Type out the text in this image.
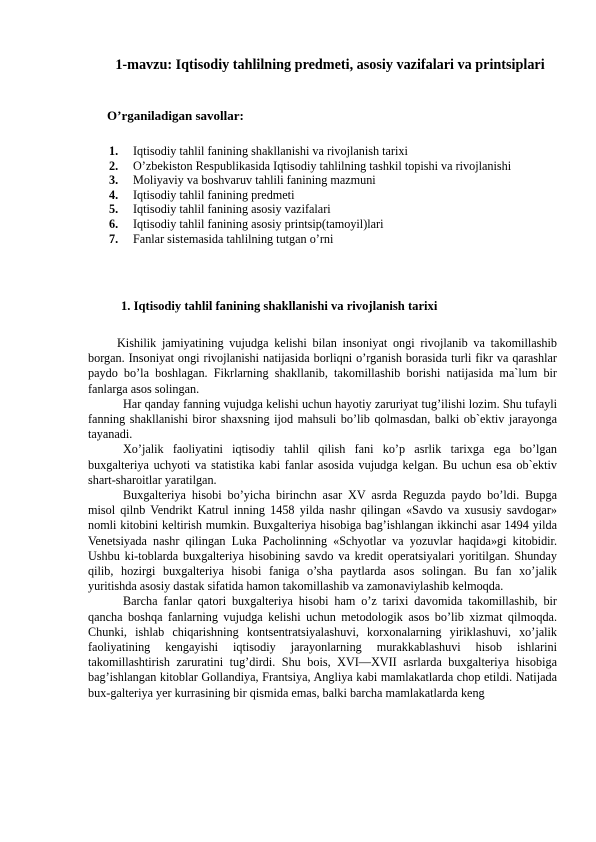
1-mavzu: Iqtisodiy tahlilning predmeti, asosiy vazifalari va printsiplari
O’rganiladigan savollar:
1.	Iqtisodiy tahlil fanining shakllanishi va rivojlanish tarixi
2.	O’zbekiston Respublikasida Iqtisodiy tahlilning tashkil topishi va rivojlanishi
3.	Moliyaviy va boshvaruv tahlili fanining mazmuni
4.	Iqtisodiy tahlil fanining predmeti
5.	Iqtisodiy tahlil fanining asosiy vazifalari
6.	Iqtisodiy tahlil fanining asosiy printsip(tamoyil)lari
7.	Fanlar sistemasida tahlilning tutgan o’rni
1. Iqtisodiy tahlil fanining shakllanishi va rivojlanish tarixi

Kishilik jamiyatining vujudga kelishi bilan insoniyat ongi rivojlanib va takomillashib borgan. Insoniyat ongi rivojlanishi natijasida borliqni o’rganish borasida turli fikr va qarashlar paydo bo’la boshlagan. Fikrlarning shakllanib, takomillashib borishi natijasida ma`lum bir fanlarga asos solingan.

Har qanday fanning vujudga kelishi uchun hayotiy zaruriyat tug’ilishi lozim. Shu tufayli fanning shakllanishi biror shaxsning ijod mahsuli bo’lib qolmasdan, balki ob`ektiv jarayonga tayanadi.

Xo’jalik faoliyatini iqtisodiy tahlil qilish fani ko’p asrlik tarixga ega bo’lgan buxgalteriya uchyoti va statistika kabi fanlar asosida vujudga kelgan. Bu uchun esa ob`ektiv shart-sharoitlar yaratilgan.

Buxgalteriya hisobi bo’yicha birinchn asar XV asrda Reguzda paydo bo’ldi. Bupga misol qilnb Vendrikt Katrul inning 1458 yilda nashr qilingan «Savdo va xususiy savdogar» nomli kitobini keltirish mumkin. Buxgalteriya hisobiga bag’ishlangan ikkinchi asar 1494 yilda Venetsiyada nashr qilingan Luka Pacholinning «Schyotlar va yozuvlar haqida»gi kitobidir. Ushbu ki-toblarda buxgalteriya hisobining savdo va kredit operatsiyalari yoritilgan. Shunday qilib, hozirgi buxgalteriya hisobi faniga o’sha paytlarda asos solingan. Bu fan xo’jalik yuritishda asosiy dastak sifatida hamon takomillashib va zamonaviylashib kelmoqda.

Barcha fanlar qatori buxgalteriya hisobi ham o’z tarixi davomida takomillashib, bir qancha boshqa fanlarning vujudga kelishi uchun metodologik asos bo’lib xizmat qilmoqda. Chunki, ishlab chiqarishning kontsentratsiyalashuvi, korxonalarning yiriklashuvi, xo’jalik faoliyatining kengayishi iqtisodiy jarayonlarning murakkablashuvi hisob ishlarini takomillashtirish zaruratini tug’dirdi. Shu bois, XVI—XVII asrlarda buxgalteriya hisobiga bag’ishlangan kitoblar Gollandiya, Frantsiya, Angliya kabi mamlakatlarda chop etildi. Natijada bux-galteriya yer kurrasining bir qismida emas, balki barcha mamlakatlarda keng
